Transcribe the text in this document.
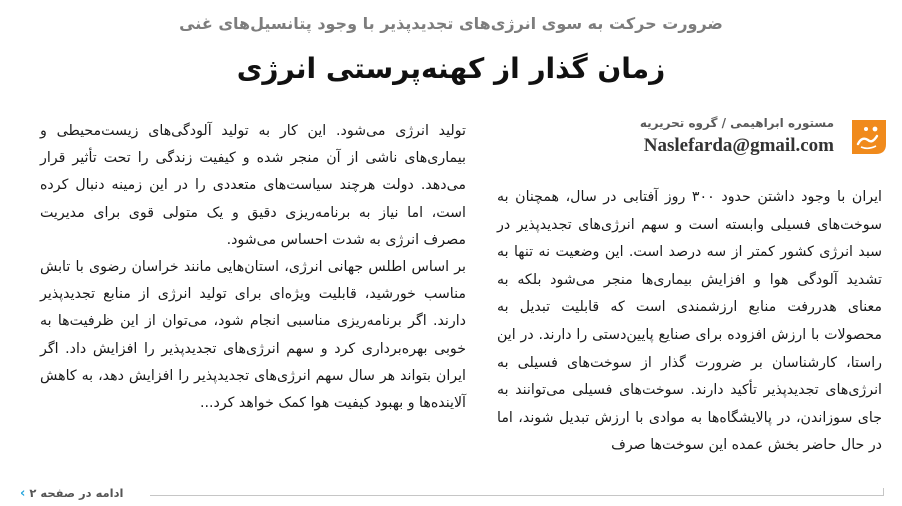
ضرورت حرکت به سوی انرژی‌های تجدیدپذیر با وجود پتانسیل‌های غنی
زمان گذار از کهنه‌پرستی انرژی

تولید انرژی می‌شود. این کار به تولید آلودگی‌های زیست‌محیطی و بیماری‌های ناشی از آن منجر شده و کیفیت زندگی را تحت تأثیر قرار می‌دهد. دولت هرچند سیاست‌های متعددی را در این زمینه دنبال کرده است، اما نیاز به برنامه‌ریزی دقیق و یک متولی قوی برای مدیریت مصرف انرژی به شدت احساس می‌شود.

بر اساس اطلس جهانی انرژی، استان‌هایی مانند خراسان رضوی با تابش مناسب خورشید، قابلیت ویژه‌ای برای تولید انرژی از منابع تجدیدپذیر دارند. اگر برنامه‌ریزی مناسبی انجام شود، می‌توان از این ظرفیت‌ها به خوبی بهره‌برداری کرد و سهم انرژی‌های تجدیدپذیر را افزایش داد. اگر ایران بتواند هر سال سهم انرژی‌های تجدیدپذیر را افزایش دهد، به کاهش آلاینده‌ها و بهبود کیفیت هوا کمک خواهد کرد...

مستوره ابراهیمی / گروه تحریریه
Naslefarda@gmail.com

ایران با وجود داشتن حدود ۳۰۰ روز آفتابی در سال، همچنان به سوخت‌های فسیلی وابسته است و سهم انرژی‌های تجدیدپذیر در سبد انرژی کشور کمتر از سه درصد است. این وضعیت نه تنها به تشدید آلودگی هوا و افزایش بیماری‌ها منجر می‌شود بلکه به معنای هدررفت منابع ارزشمندی است که قابلیت تبدیل به محصولات با ارزش افزوده برای صنایع پایین‌دستی را دارند. در این راستا، کارشناسان بر ضرورت گذار از سوخت‌های فسیلی به انرژی‌های تجدیدپذیر تأکید دارند. سوخت‌های فسیلی می‌توانند به جای سوزاندن، در پالایشگاه‌ها به موادی با ارزش تبدیل شوند، اما در حال حاضر بخش عمده این سوخت‌ها صرف

ادامه در صفحه ۲
›
